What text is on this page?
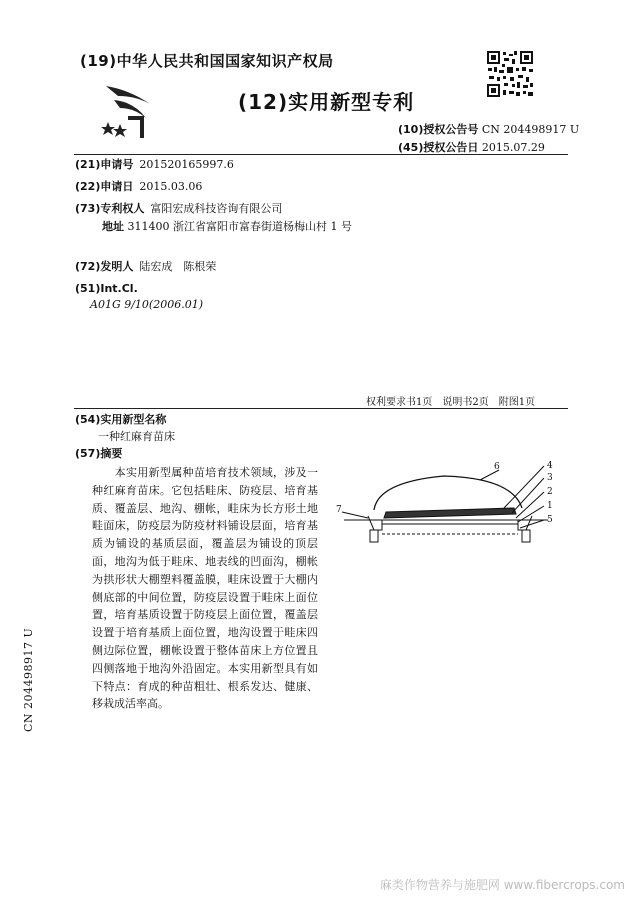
(19)中华人民共和国国家知识产权局
(12)实用新型专利
(10)授权公告号 CN 204498917 U
(45)授权公告日 2015.07.29
(21)申请号 201520165997.6
(22)申请日 2015.03.06
(73)专利权人 富阳宏成科技咨询有限公司
地址 311400 浙江省富阳市富春街道杨梅山村 1 号
(72)发明人 陆宏成　陈根荣
(51)Int.Cl.
A01G 9/10(2006.01)
权利要求书1页　说明书2页　附图1页
(54)实用新型名称
一种红麻育苗床
(57)摘要
　　本实用新型属种苗培育技术领域，涉及一种红麻育苗床。它包括畦床、防疫层、培育基质、覆盖层、地沟、棚帐，畦床为长方形土地畦面床，防疫层为防疫材料铺设层面，培育基质为铺设的基质层面，覆盖层为铺设的顶层面，地沟为低于畦床、地表线的凹面沟，棚帐为拱形状大棚塑料覆盖膜，畦床设置于大棚内侧底部的中间位置，防疫层设置于畦床上面位置，培育基质设置于防疫层上面位置，覆盖层设置于培育基质上面位置，地沟设置于畦床四侧边际位置，棚帐设置于整体苗床上方位置且四侧落地于地沟外沿固定。本实用新型具有如下特点：育成的种苗粗壮、根系发达、健康、移栽成活率高。
6	4
3
2
1
5
7
CN 204498917 U
麻类作物营养与施肥网 www.fibercrops.com
